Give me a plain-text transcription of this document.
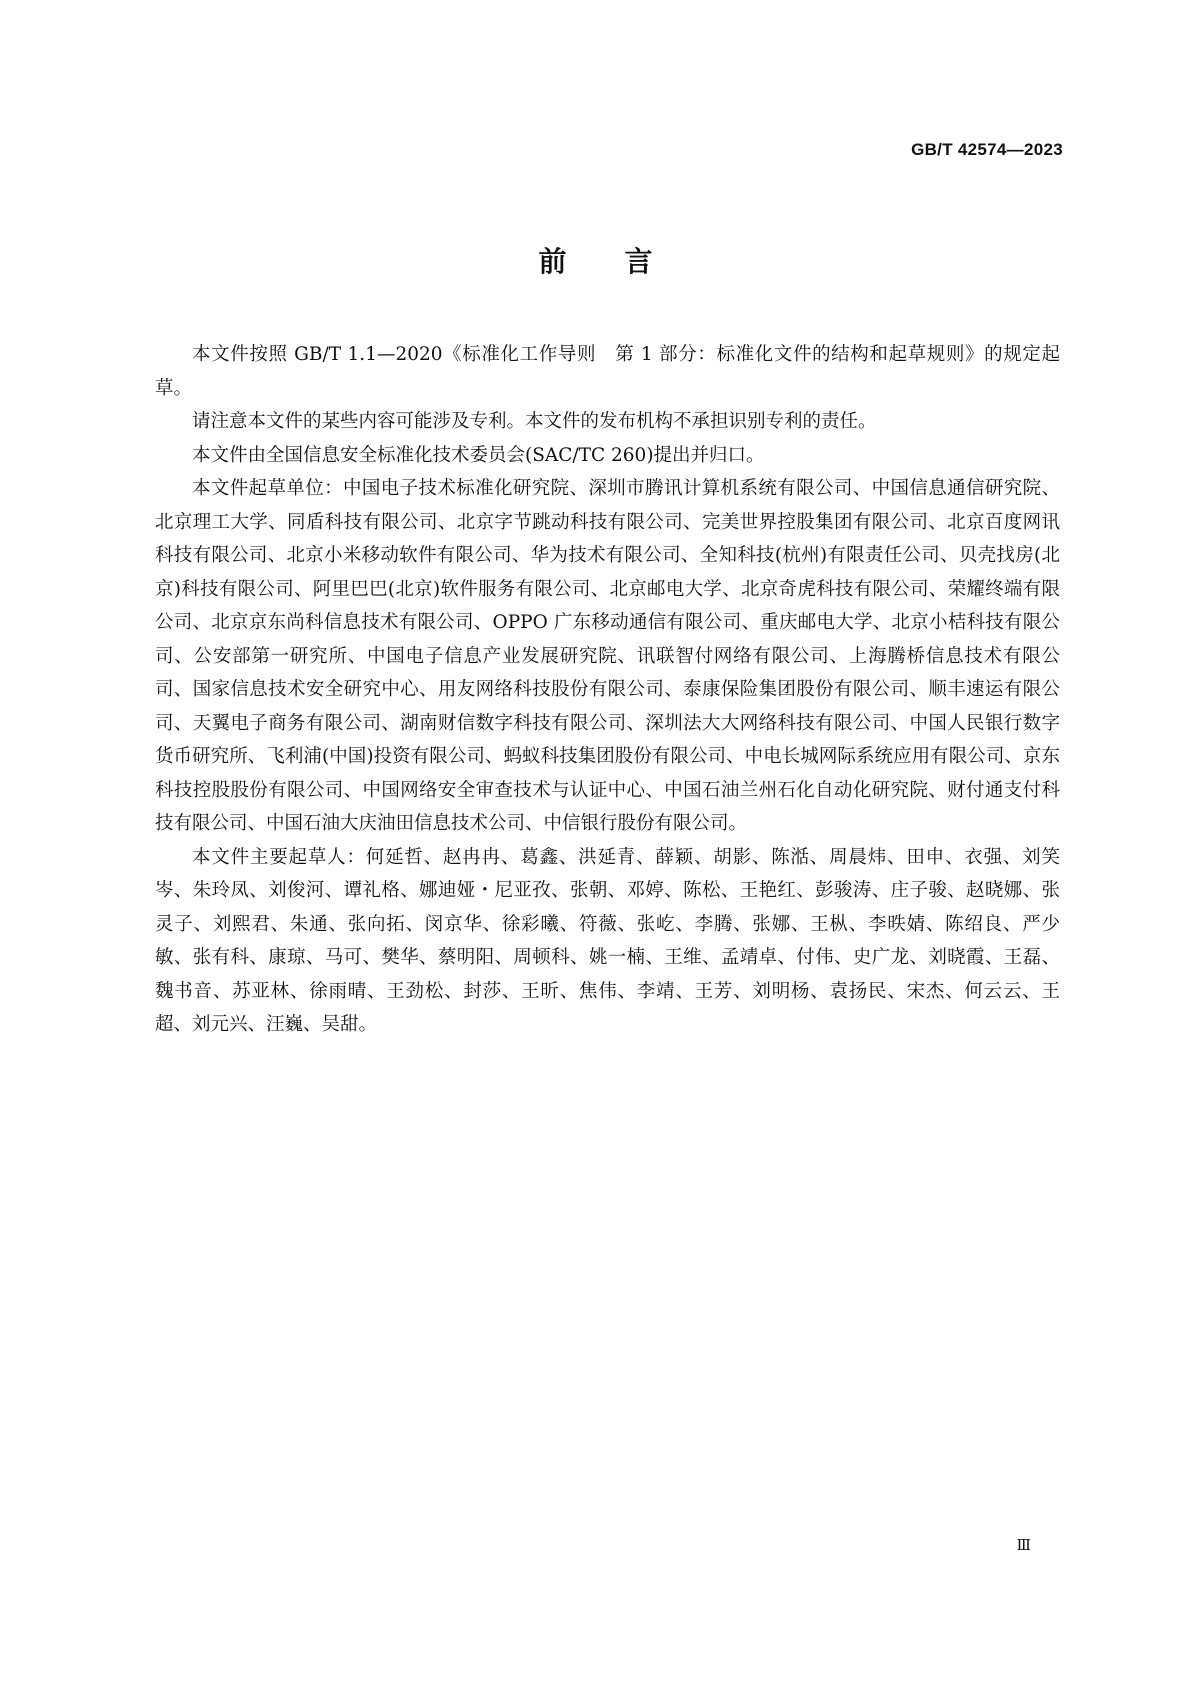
GB/T 42574—2023
前言

本文件按照 GB/T 1.1—2020《标准化工作导则　第 1 部分：标准化文件的结构和起草规则》的规定起草。

请注意本文件的某些内容可能涉及专利。本文件的发布机构不承担识别专利的责任。

本文件由全国信息安全标准化技术委员会(SAC/TC 260)提出并归口。

本文件起草单位：中国电子技术标准化研究院、深圳市腾讯计算机系统有限公司、中国信息通信研究院、北京理工大学、同盾科技有限公司、北京字节跳动科技有限公司、完美世界控股集团有限公司、北京百度网讯科技有限公司、北京小米移动软件有限公司、华为技术有限公司、全知科技(杭州)有限责任公司、贝壳找房(北京)科技有限公司、阿里巴巴(北京)软件服务有限公司、北京邮电大学、北京奇虎科技有限公司、荣耀终端有限公司、北京京东尚科信息技术有限公司、OPPO 广东移动通信有限公司、重庆邮电大学、北京小桔科技有限公司、公安部第一研究所、中国电子信息产业发展研究院、讯联智付网络有限公司、上海腾桥信息技术有限公司、国家信息技术安全研究中心、用友网络科技股份有限公司、泰康保险集团股份有限公司、顺丰速运有限公司、天翼电子商务有限公司、湖南财信数字科技有限公司、深圳法大大网络科技有限公司、中国人民银行数字货币研究所、飞利浦(中国)投资有限公司、蚂蚁科技集团股份有限公司、中电长城网际系统应用有限公司、京东科技控股股份有限公司、中国网络安全审查技术与认证中心、中国石油兰州石化自动化研究院、财付通支付科技有限公司、中国石油大庆油田信息技术公司、中信银行股份有限公司。

本文件主要起草人：何延哲、赵冉冉、葛鑫、洪延青、薛颖、胡影、陈湉、周晨炜、田申、衣强、刘笑岑、朱玲凤、刘俊河、谭礼格、娜迪娅・尼亚孜、张朝、邓婷、陈松、王艳红、彭骏涛、庄子骏、赵晓娜、张灵子、刘熙君、朱通、张向拓、闵京华、徐彩曦、符薇、张屹、李腾、张娜、王枞、李昳婧、陈绍良、严少敏、张有科、康琼、马可、樊华、蔡明阳、周顿科、姚一楠、王维、孟靖卓、付伟、史广龙、刘晓霞、王磊、魏书音、苏亚林、徐雨晴、王劲松、封莎、王昕、焦伟、李靖、王芳、刘明杨、袁扬民、宋杰、何云云、王超、刘元兴、汪巍、吴甜。

Ⅲ
